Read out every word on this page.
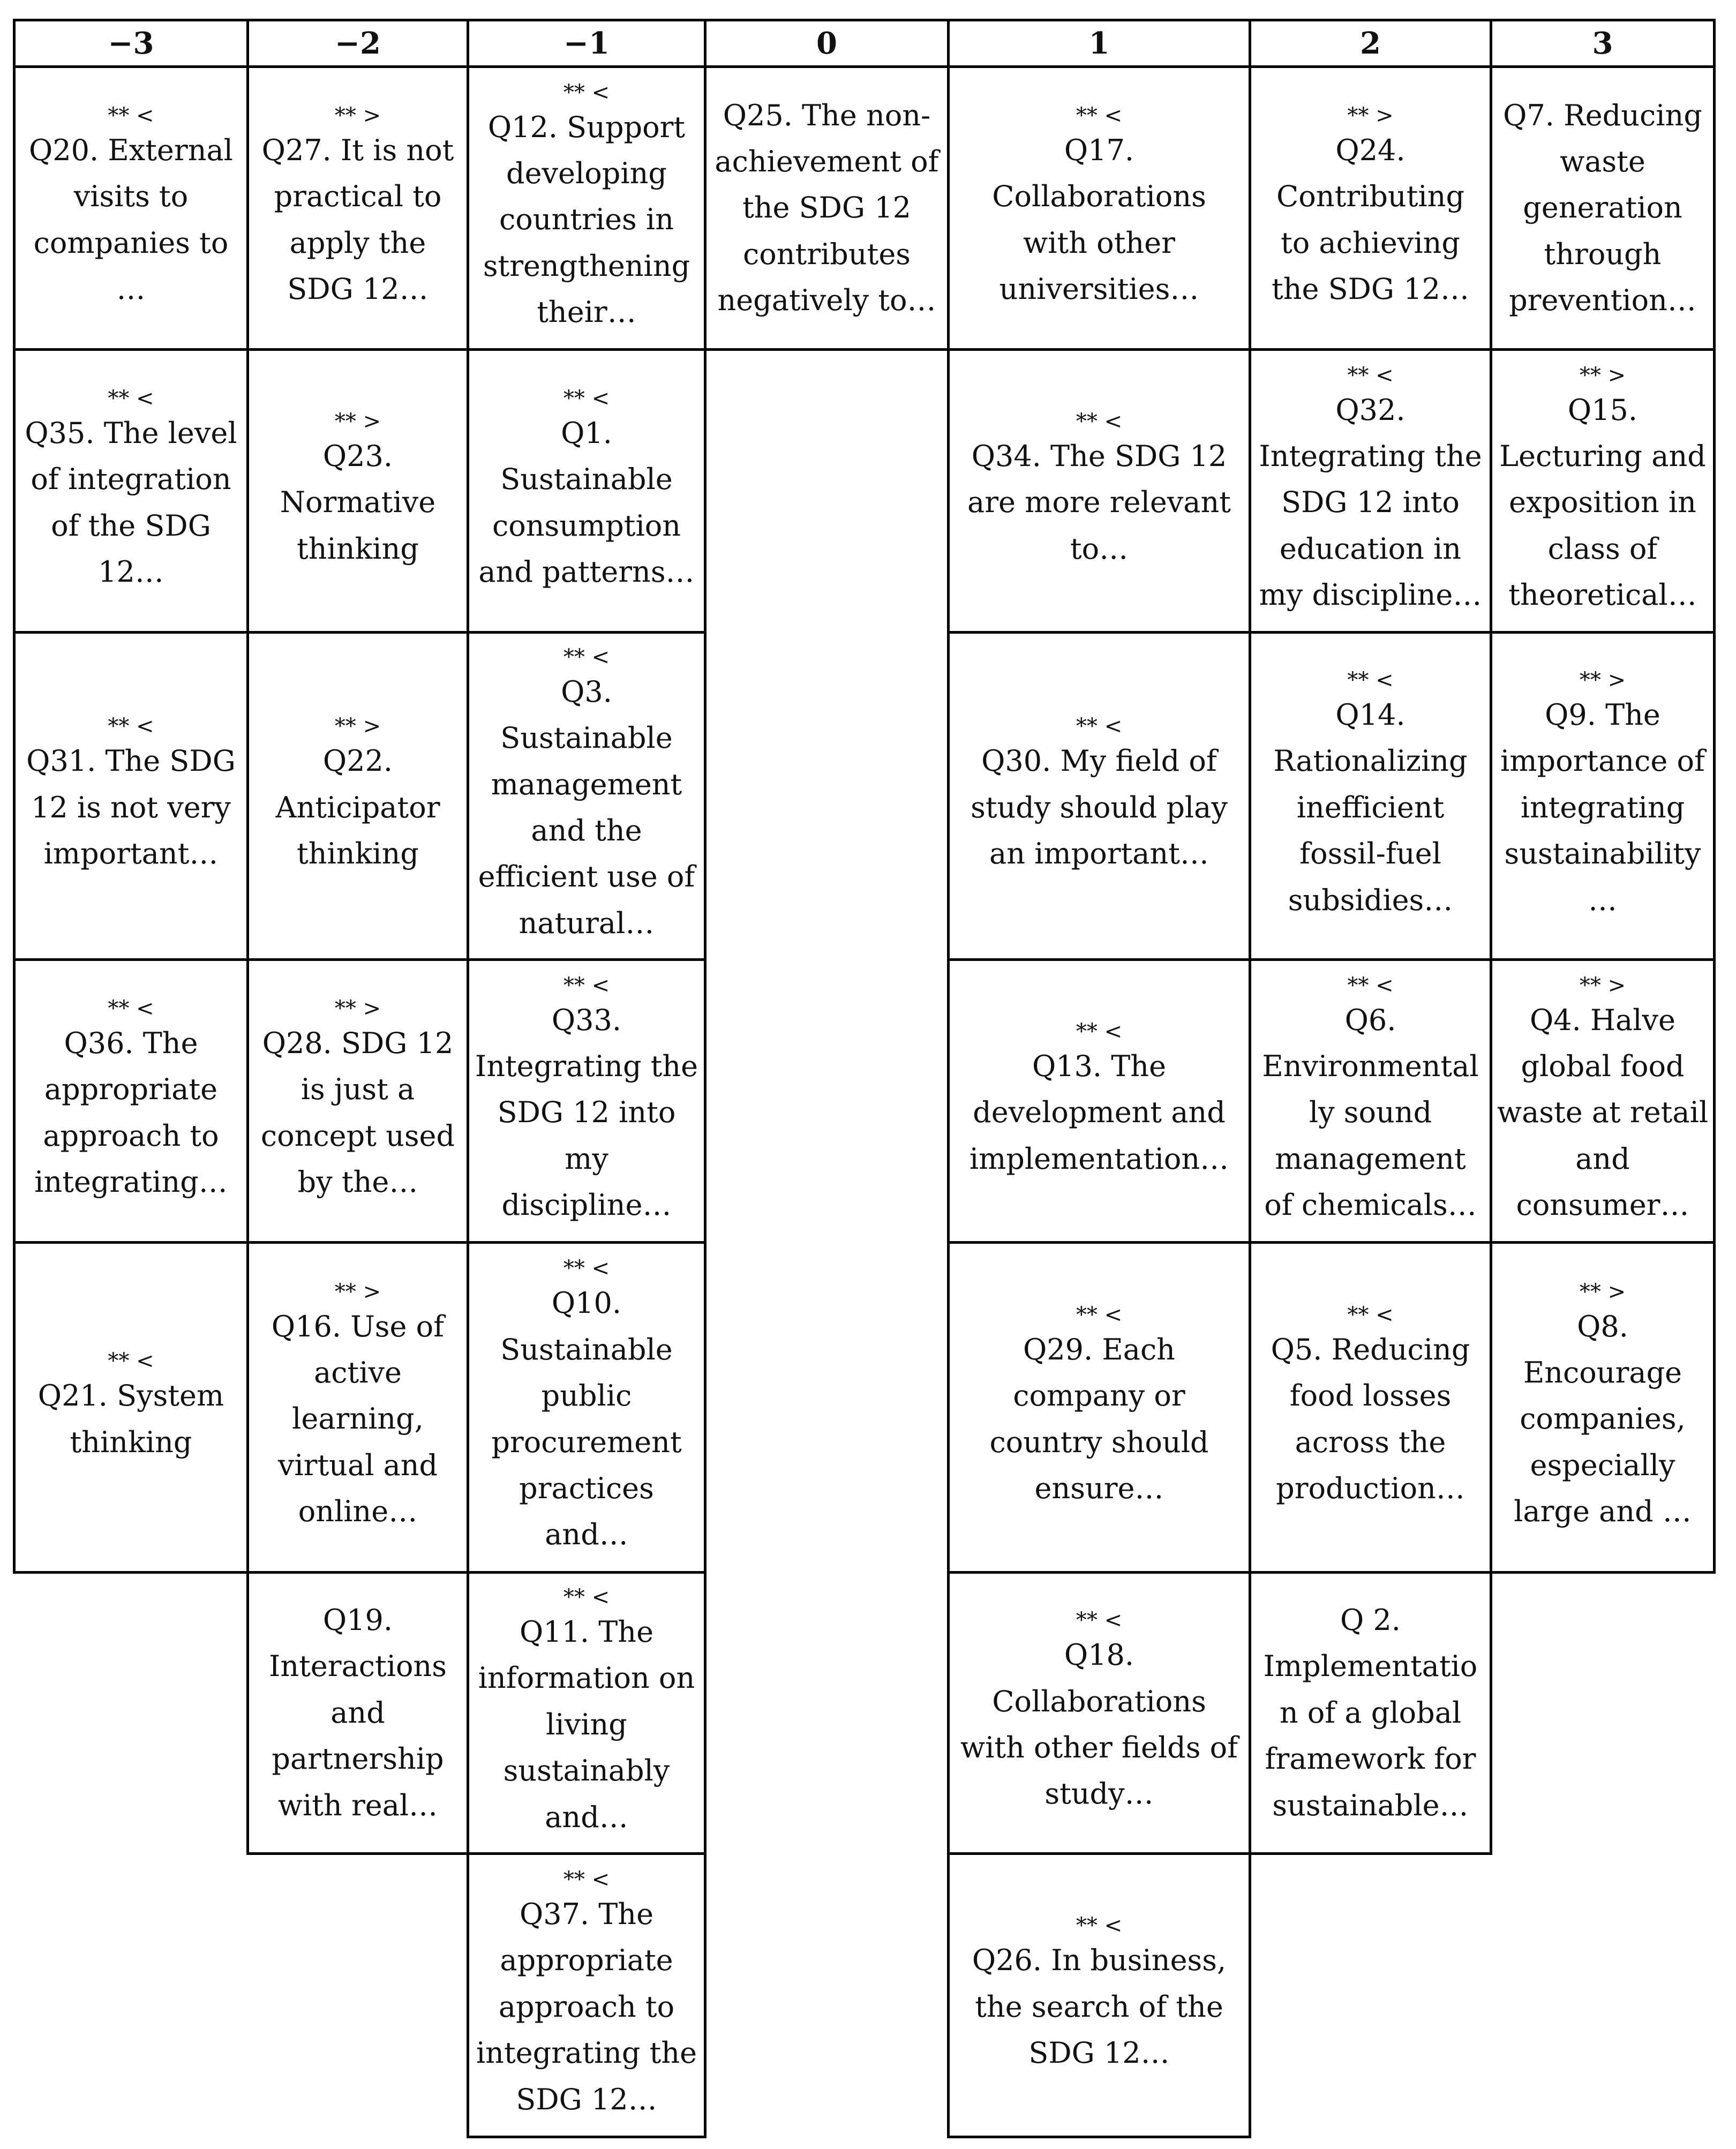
−3
** <
Q20. External
visits to
companies to
…
** <
Q35. The level
of integration
of the SDG
12…
** <
Q31. The SDG
12 is not very
important…
** <
Q36. The
appropriate
approach to
integrating…
** <
Q21. System
thinking
−2
** >
Q27. It is not
practical to
apply the
SDG 12…
** >
Q23.
Normative
thinking
** >
Q22.
Anticipator
thinking
** >
Q28. SDG 12
is just a
concept used
by the…
** >
Q16. Use of
active
learning,
virtual and
online…
Q19.
Interactions
and
partnership
with real…
−1
** <
Q12. Support
developing
countries in
strengthening
their…
** <
Q1.
Sustainable
consumption
and patterns…
** <
Q3.
Sustainable
management
and the
efficient use of
natural…
** <
Q33.
Integrating the
SDG 12 into
my
discipline…
** <
Q10.
Sustainable
public
procurement
practices
and…
** <
Q11. The
information on
living
sustainably
and…
** <
Q37. The
appropriate
approach to
integrating the
SDG 12…
0
Q25. The non-
achievement of
the SDG 12
contributes
negatively to…
1
** <
Q17.
Collaborations
with other
universities…
** <
Q34. The SDG 12
are more relevant
to…
** <
Q30. My field of
study should play
an important…
** <
Q13. The
development and
implementation…
** <
Q29. Each
company or
country should
ensure…
** <
Q18.
Collaborations
with other fields of
study…
** <
Q26. In business,
the search of the
SDG 12…
2
** >
Q24.
Contributing
to achieving
the SDG 12…
** <
Q32.
Integrating the
SDG 12 into
education in
my discipline…
** <
Q14.
Rationalizing
inefficient
fossil-fuel
subsidies…
** <
Q6.
Environmental
ly sound
management
of chemicals…
** <
Q5. Reducing
food losses
across the
production…
Q 2.
Implementatio
n of a global
framework for
sustainable…
3
Q7. Reducing
waste
generation
through
prevention…
** >
Q15.
Lecturing and
exposition in
class of
theoretical…
** >
Q9. The
importance of
integrating
sustainability
…
** >
Q4. Halve
global food
waste at retail
and
consumer…
** >
Q8.
Encourage
companies,
especially
large and …
